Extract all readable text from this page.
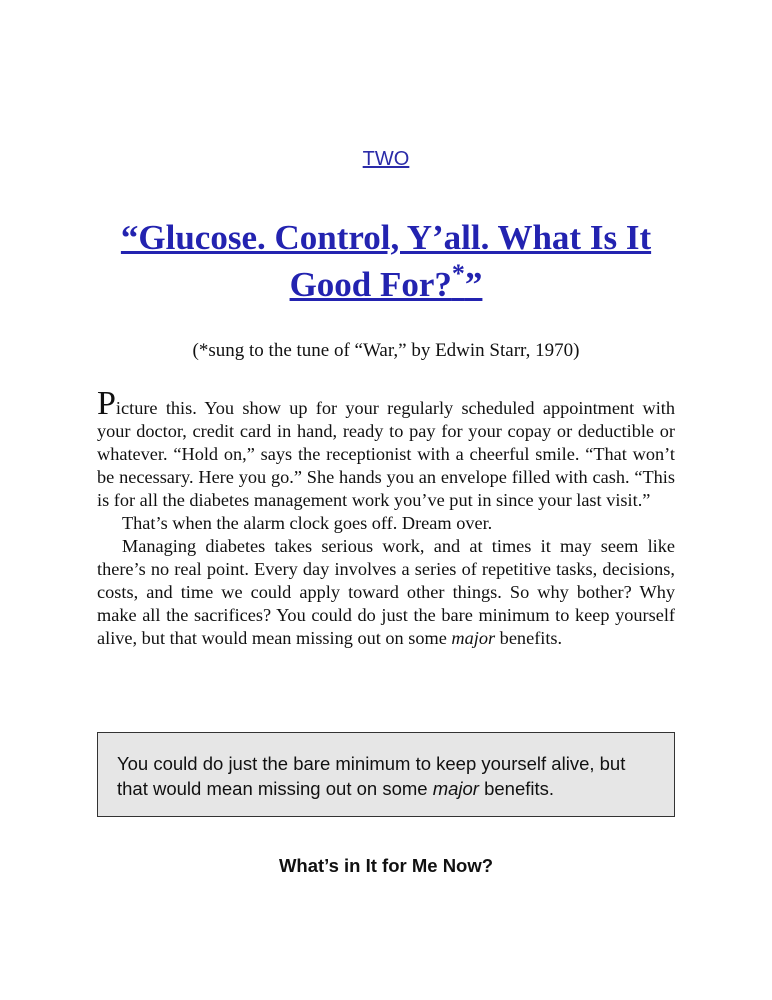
TWO
“Glucose. Control, Y’all. What Is It
Good For?*”
(*sung to the tune of “War,” by Edwin Starr, 1970)

Picture this. You show up for your regularly scheduled appointment with your doctor, credit card in hand, ready to pay for your copay or deductible or whatever. “Hold on,” says the receptionist with a cheerful smile. “That won’t be necessary. Here you go.” She hands you an envelope filled with cash. “This is for all the diabetes management work you’ve put in since your last visit.”

That’s when the alarm clock goes off. Dream over.

Managing diabetes takes serious work, and at times it may seem like there’s no real point. Every day involves a series of repetitive tasks, decisions, costs, and time we could apply toward other things. So why bother? Why make all the sacrifices? You could do just the bare minimum to keep yourself alive, but that would mean missing out on some major benefits.

You could do just the bare minimum to keep yourself alive, but that would mean missing out on some major benefits.
What’s in It for Me Now?
